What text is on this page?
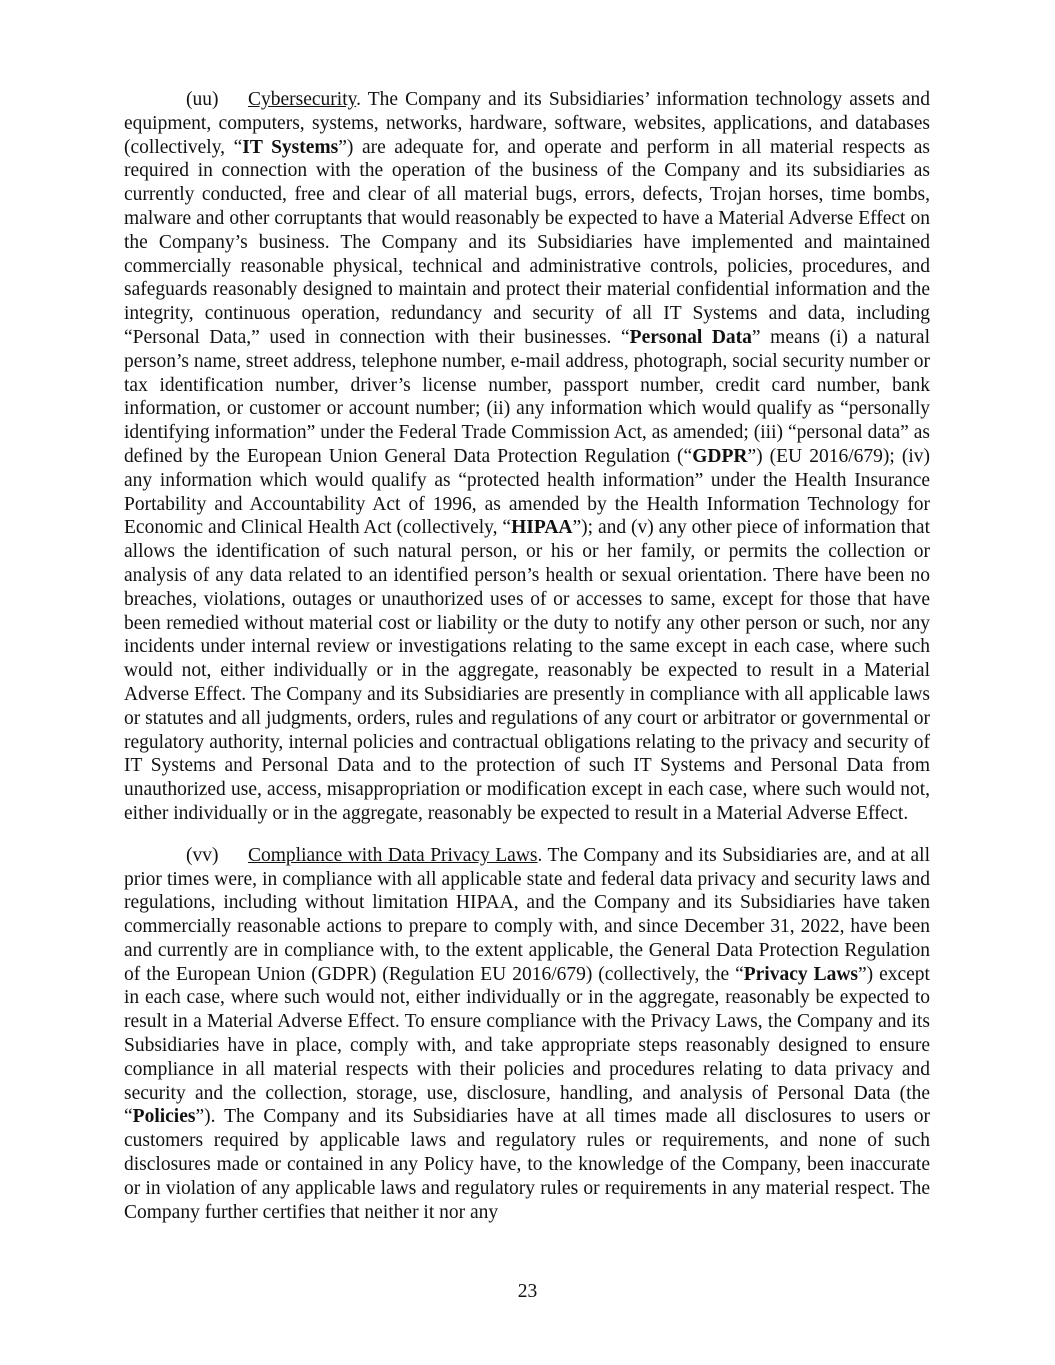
(uu) Cybersecurity. The Company and its Subsidiaries’ information technology assets and equipment, computers, systems, networks, hardware, software, websites, applications, and databases (collectively, “IT Systems”) are adequate for, and operate and perform in all material respects as required in connection with the operation of the business of the Company and its subsidiaries as currently conducted, free and clear of all material bugs, errors, defects, Trojan horses, time bombs, malware and other corruptants that would reasonably be expected to have a Material Adverse Effect on the Company’s business. The Company and its Subsidiaries have implemented and maintained commercially reasonable physical, technical and administrative controls, policies, procedures, and safeguards reasonably designed to maintain and protect their material confidential information and the integrity, continuous operation, redundancy and security of all IT Systems and data, including “Personal Data,” used in connection with their businesses. “Personal Data” means (i) a natural person’s name, street address, telephone number, e-mail address, photograph, social security number or tax identification number, driver’s license number, passport number, credit card number, bank information, or customer or account number; (ii) any information which would qualify as “personally identifying information” under the Federal Trade Commission Act, as amended; (iii) “personal data” as defined by the European Union General Data Protection Regulation (“GDPR”) (EU 2016/679); (iv) any information which would qualify as “protected health information” under the Health Insurance Portability and Accountability Act of 1996, as amended by the Health Information Technology for Economic and Clinical Health Act (collectively, “HIPAA”); and (v) any other piece of information that allows the identification of such natural person, or his or her family, or permits the collection or analysis of any data related to an identified person’s health or sexual orientation. There have been no breaches, violations, outages or unauthorized uses of or accesses to same, except for those that have been remedied without material cost or liability or the duty to notify any other person or such, nor any incidents under internal review or investigations relating to the same except in each case, where such would not, either individually or in the aggregate, reasonably be expected to result in a Material Adverse Effect. The Company and its Subsidiaries are presently in compliance with all applicable laws or statutes and all judgments, orders, rules and regulations of any court or arbitrator or governmental or regulatory authority, internal policies and contractual obligations relating to the privacy and security of IT Systems and Personal Data and to the protection of such IT Systems and Personal Data from unauthorized use, access, misappropriation or modification except in each case, where such would not, either individually or in the aggregate, reasonably be expected to result in a Material Adverse Effect.

(vv) Compliance with Data Privacy Laws. The Company and its Subsidiaries are, and at all prior times were, in compliance with all applicable state and federal data privacy and security laws and regulations, including without limitation HIPAA, and the Company and its Subsidiaries have taken commercially reasonable actions to prepare to comply with, and since December 31, 2022, have been and currently are in compliance with, to the extent applicable, the General Data Protection Regulation of the European Union (GDPR) (Regulation EU 2016/679) (collectively, the “Privacy Laws”) except in each case, where such would not, either individually or in the aggregate, reasonably be expected to result in a Material Adverse Effect. To ensure compliance with the Privacy Laws, the Company and its Subsidiaries have in place, comply with, and take appropriate steps reasonably designed to ensure compliance in all material respects with their policies and procedures relating to data privacy and security and the collection, storage, use, disclosure, handling, and analysis of Personal Data (the “Policies”). The Company and its Subsidiaries have at all times made all disclosures to users or customers required by applicable laws and regulatory rules or requirements, and none of such disclosures made or contained in any Policy have, to the knowledge of the Company, been inaccurate or in violation of any applicable laws and regulatory rules or requirements in any material respect. The Company further certifies that neither it nor any

23
